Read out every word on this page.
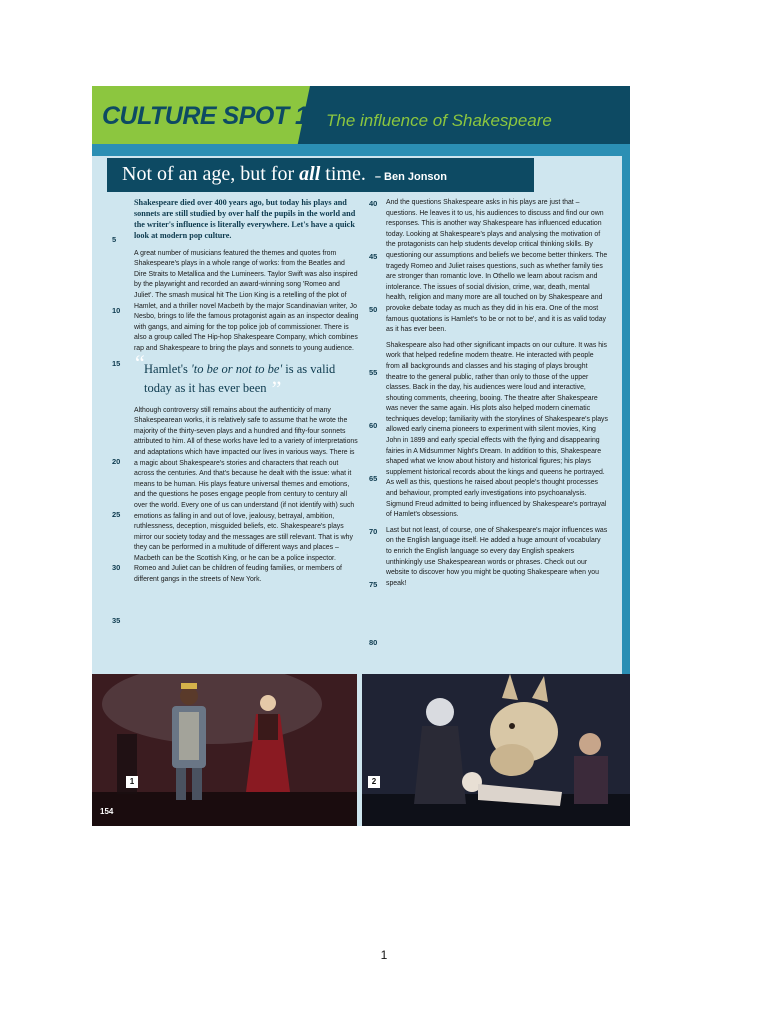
CULTURE SPOT 1 The influence of Shakespeare
Not of an age, but for all time. – Ben Jonson
5
10
15
20
25
30
35
40
45
50
55
60
65
70
75
80

Shakespeare died over 400 years ago, but today his plays and sonnets are still studied by over half the pupils in the world and the writer's influence is literally everywhere. Let's have a quick look at modern pop culture.

A great number of musicians featured the themes and quotes from Shakespeare's plays in a whole range of works: from the Beatles and Dire Straits to Metallica and the Lumineers. Taylor Swift was also inspired by the playwright and recorded an award-winning song 'Romeo and Juliet'. The smash musical hit The Lion King is a retelling of the plot of Hamlet, and a thriller novel Macbeth by the major Scandinavian writer, Jo Nesbo, brings to life the famous protagonist again as an inspector dealing with gangs, and aiming for the top police job of commissioner. There is also a group called The Hip-hop Shakespeare Company, which combines rap and Shakespeare to bring the plays and sonnets to young audience.

“ Hamlet's 'to be or not to be' is as valid today as it has ever been ”

Although controversy still remains about the authenticity of many Shakespearean works, it is relatively safe to assume that he wrote the majority of the thirty-seven plays and a hundred and fifty-four sonnets attributed to him. All of these works have led to a variety of interpretations and adaptations which have impacted our lives in various ways. There is a magic about Shakespeare's stories and characters that reach out across the centuries. And that's because he dealt with the issue: what it means to be human. His plays feature universal themes and emotions, and the questions he poses engage people from century to century all over the world. Every one of us can understand (if not identify with) such emotions as falling in and out of love, jealousy, betrayal, ambition, ruthlessness, deception, misguided beliefs, etc. Shakespeare's plays mirror our society today and the messages are still relevant. That is why they can be performed in a multitude of different ways and places – Macbeth can be the Scottish King, or he can be a police inspector. Romeo and Juliet can be children of feuding families, or members of different gangs in the streets of New York.

And the questions Shakespeare asks in his plays are just that – questions. He leaves it to us, his audiences to discuss and find our own responses. This is another way Shakespeare has influenced education today. Looking at Shakespeare's plays and analysing the motivation of the protagonists can help students develop critical thinking skills. By questioning our assumptions and beliefs we become better thinkers. The tragedy Romeo and Juliet raises questions, such as whether family ties are stronger than romantic love. In Othello we learn about racism and intolerance. The issues of social division, crime, war, death, mental health, religion and many more are all touched on by Shakespeare and provoke debate today as much as they did in his era. One of the most famous quotations is Hamlet's 'to be or not to be', and it is as valid today as it has ever been.

Shakespeare also had other significant impacts on our culture. It was his work that helped redefine modern theatre. He interacted with people from all backgrounds and classes and his staging of plays brought theatre to the general public, rather than only to those of the upper classes. Back in the day, his audiences were loud and interactive, shouting comments, cheering, booing. The theatre after Shakespeare was never the same again. His plots also helped modern cinematic techniques develop; familiarity with the storylines of Shakespeare's plays allowed early cinema pioneers to experiment with silent movies, King John in 1899 and early special effects with the flying and disappearing fairies in A Midsummer Night's Dream. In addition to this, Shakespeare shaped what we know about history and historical figures; his plays supplement historical records about the kings and queens he portrayed. As well as this, questions he raised about people's thought processes and behaviour, prompted early investigations into psychoanalysis. Sigmund Freud admitted to being influenced by Shakespeare's portrayal of Hamlet's obsessions.

Last but not least, of course, one of Shakespeare's major influences was on the English language itself. He added a huge amount of vocabulary to enrich the English language so every day English speakers unthinkingly use Shakespearean words or phrases. Check out our website to discover how you might be quoting Shakespeare when you speak!

1
154
2
1
